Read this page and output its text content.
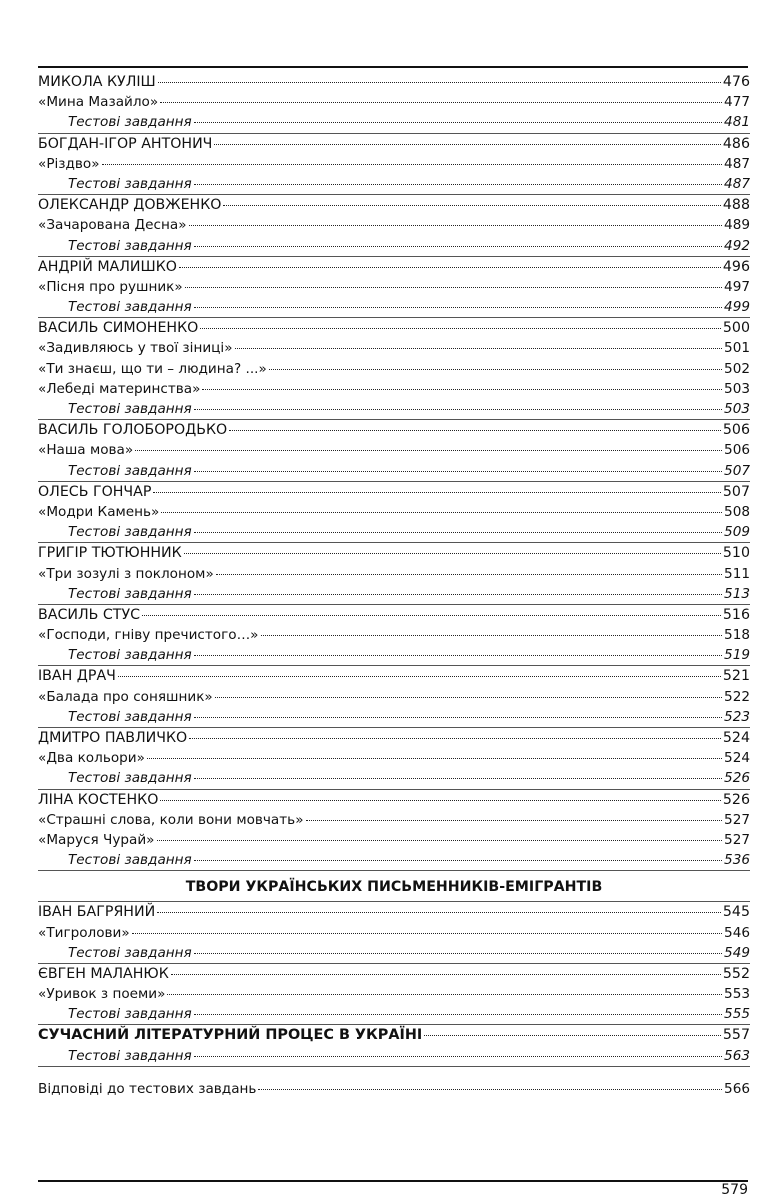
МИКОЛА КУЛІШ	476
«Мина Мазайло»	477
Тестові завдання	481
БОГДАН-ІГОР АНТОНИЧ	486
«Різдво»	487
Тестові завдання	487
ОЛЕКСАНДР ДОВЖЕНКО	488
«Зачарована Десна»	489
Тестові завдання	492
АНДРІЙ МАЛИШКО	496
«Пісня про рушник»	497
Тестові завдання	499
ВАСИЛЬ СИМОНЕНКО	500
«Задивляюсь у твої зіниці»	501
«Ти знаєш, що ти – людина? ...»	502
«Лебеді материнства»	503
Тестові завдання	503
ВАСИЛЬ ГОЛОБОРОДЬКО	506
«Наша мова»	506
Тестові завдання	507
ОЛЕСЬ ГОНЧАР	507
«Модри Камень»	508
Тестові завдання	509
ГРИГІР ТЮТЮННИК	510
«Три зозулі з поклоном»	511
Тестові завдання	513
ВАСИЛЬ СТУС	516
«Господи, гніву пречистого…»	518
Тестові завдання	519
ІВАН ДРАЧ	521
«Балада про соняшник»	522
Тестові завдання	523
ДМИТРО ПАВЛИЧКО	524
«Два кольори»	524
Тестові завдання	526
ЛІНА КОСТЕНКО	526
«Страшні слова, коли вони мовчать»	527
«Маруся Чурай»	527
Тестові завдання	536
ТВОРИ УКРАЇНСЬКИХ ПИСЬМЕННИКІВ-ЕМІГРАНТІВ
ІВАН БАГРЯНИЙ	545
«Тигролови»	546
Тестові завдання	549
ЄВГЕН МАЛАНЮК	552
«Уривок з поеми»	553
Тестові завдання	555
СУЧАСНИЙ ЛІТЕРАТУРНИЙ ПРОЦЕС В УКРАЇНІ	557
Тестові завдання	563
Відповіді до тестових завдань	566
579
